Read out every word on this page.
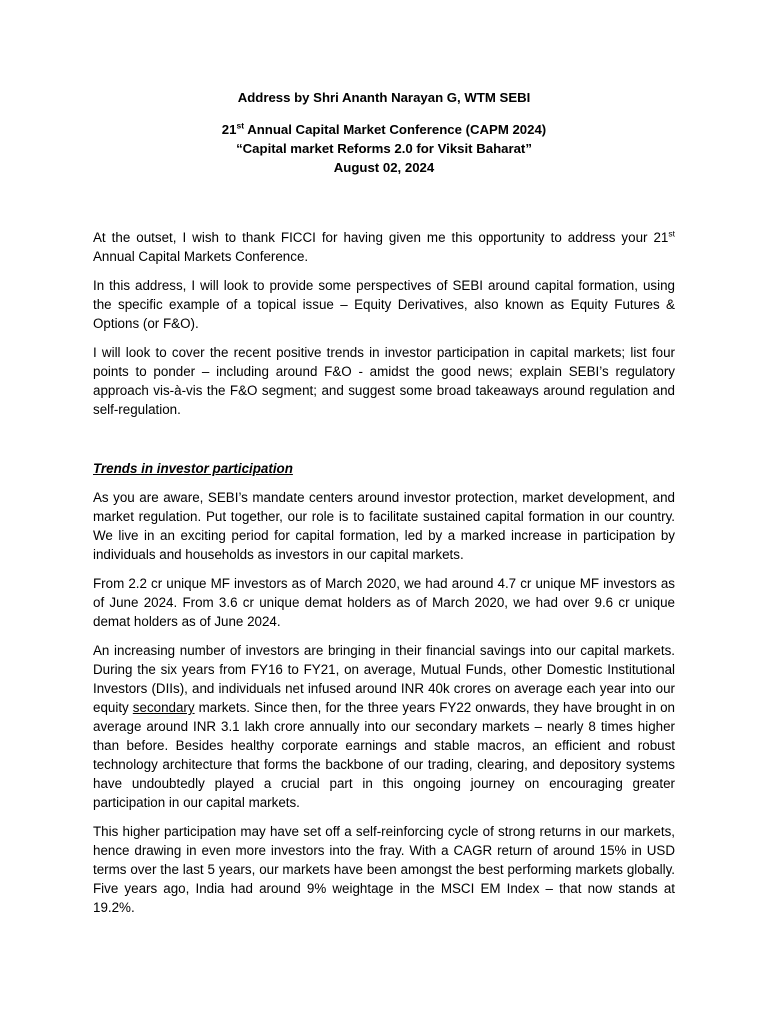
Address by Shri Ananth Narayan G, WTM SEBI
21st Annual Capital Market Conference (CAPM 2024)
“Capital market Reforms 2.0 for Viksit Baharat”
August 02, 2024

At the outset, I wish to thank FICCI for having given me this opportunity to address your 21st Annual Capital Markets Conference.

In this address, I will look to provide some perspectives of SEBI around capital formation, using the specific example of a topical issue – Equity Derivatives, also known as Equity Futures & Options (or F&O).

I will look to cover the recent positive trends in investor participation in capital markets; list four points to ponder – including around F&O - amidst the good news; explain SEBI’s regulatory approach vis-à-vis the F&O segment; and suggest some broad takeaways around regulation and self-regulation.

Trends in investor participation

As you are aware, SEBI’s mandate centers around investor protection, market development, and market regulation. Put together, our role is to facilitate sustained capital formation in our country. We live in an exciting period for capital formation, led by a marked increase in participation by individuals and households as investors in our capital markets.

From 2.2 cr unique MF investors as of March 2020, we had around 4.7 cr unique MF investors as of June 2024. From 3.6 cr unique demat holders as of March 2020, we had over 9.6 cr unique demat holders as of June 2024.

An increasing number of investors are bringing in their financial savings into our capital markets. During the six years from FY16 to FY21, on average, Mutual Funds, other Domestic Institutional Investors (DIIs), and individuals net infused around INR 40k crores on average each year into our equity secondary markets. Since then, for the three years FY22 onwards, they have brought in on average around INR 3.1 lakh crore annually into our secondary markets – nearly 8 times higher than before. Besides healthy corporate earnings and stable macros, an efficient and robust technology architecture that forms the backbone of our trading, clearing, and depository systems have undoubtedly played a crucial part in this ongoing journey on encouraging greater participation in our capital markets.

This higher participation may have set off a self-reinforcing cycle of strong returns in our markets, hence drawing in even more investors into the fray. With a CAGR return of around 15% in USD terms over the last 5 years, our markets have been amongst the best performing markets globally. Five years ago, India had around 9% weightage in the MSCI EM Index – that now stands at 19.2%.
